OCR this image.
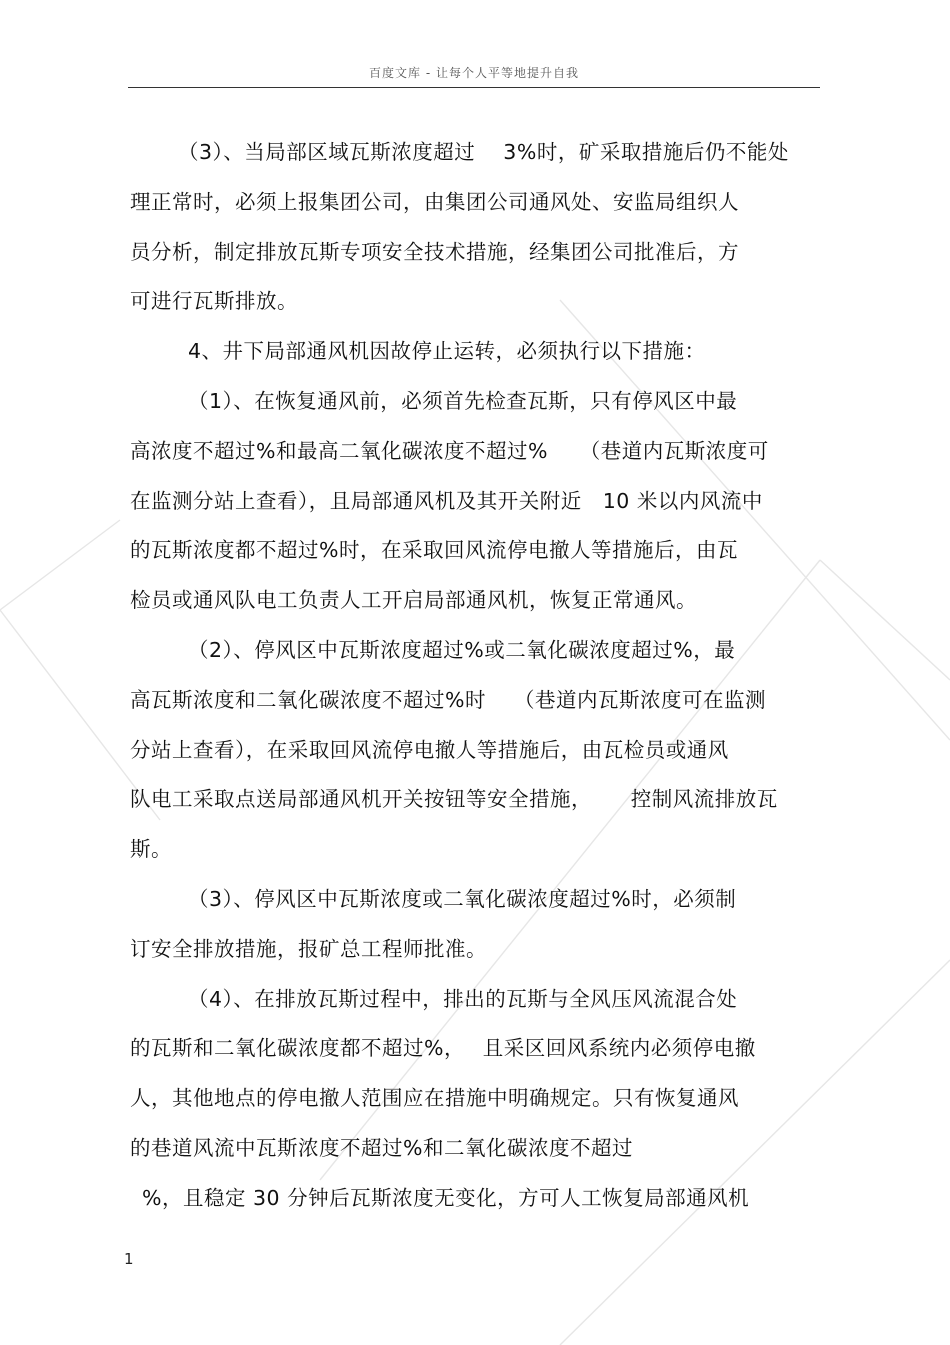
百度文库 - 让每个人平等地提升自我
（3）、当局部区域瓦斯浓度超过　 3%时，矿采取措施后仍不能处
理正常时，必须上报集团公司，由集团公司通风处、安监局组织人
员分析，制定排放瓦斯专项安全技术措施，经集团公司批准后，方
可进行瓦斯排放。
4、井下局部通风机因故停止运转，必须执行以下措施：
（1）、在恢复通风前，必须首先检查瓦斯，只有停风区中最
高浓度不超过%和最高二氧化碳浓度不超过%　　（巷道内瓦斯浓度可
在监测分站上查看），且局部通风机及其开关附近　10 米以内风流中
的瓦斯浓度都不超过%时，在采取回风流停电撤人等措施后，由瓦
检员或通风队电工负责人工开启局部通风机，恢复正常通风。
（2）、停风区中瓦斯浓度超过%或二氧化碳浓度超过%，最
高瓦斯浓度和二氧化碳浓度不超过%时　 （巷道内瓦斯浓度可在监测
分站上查看），在采取回风流停电撤人等措施后，由瓦检员或通风
队电工采取点送局部通风机开关按钮等安全措施，　　 控制风流排放瓦
斯。
（3）、停风区中瓦斯浓度或二氧化碳浓度超过%时，必须制
订安全排放措施，报矿总工程师批准。
（4）、在排放瓦斯过程中，排出的瓦斯与全风压风流混合处
的瓦斯和二氧化碳浓度都不超过%，　 且采区回风系统内必须停电撤
人，其他地点的停电撤人范围应在措施中明确规定。只有恢复通风
的巷道风流中瓦斯浓度不超过%和二氧化碳浓度不超过
%，且稳定 30 分钟后瓦斯浓度无变化，方可人工恢复局部通风机
1
